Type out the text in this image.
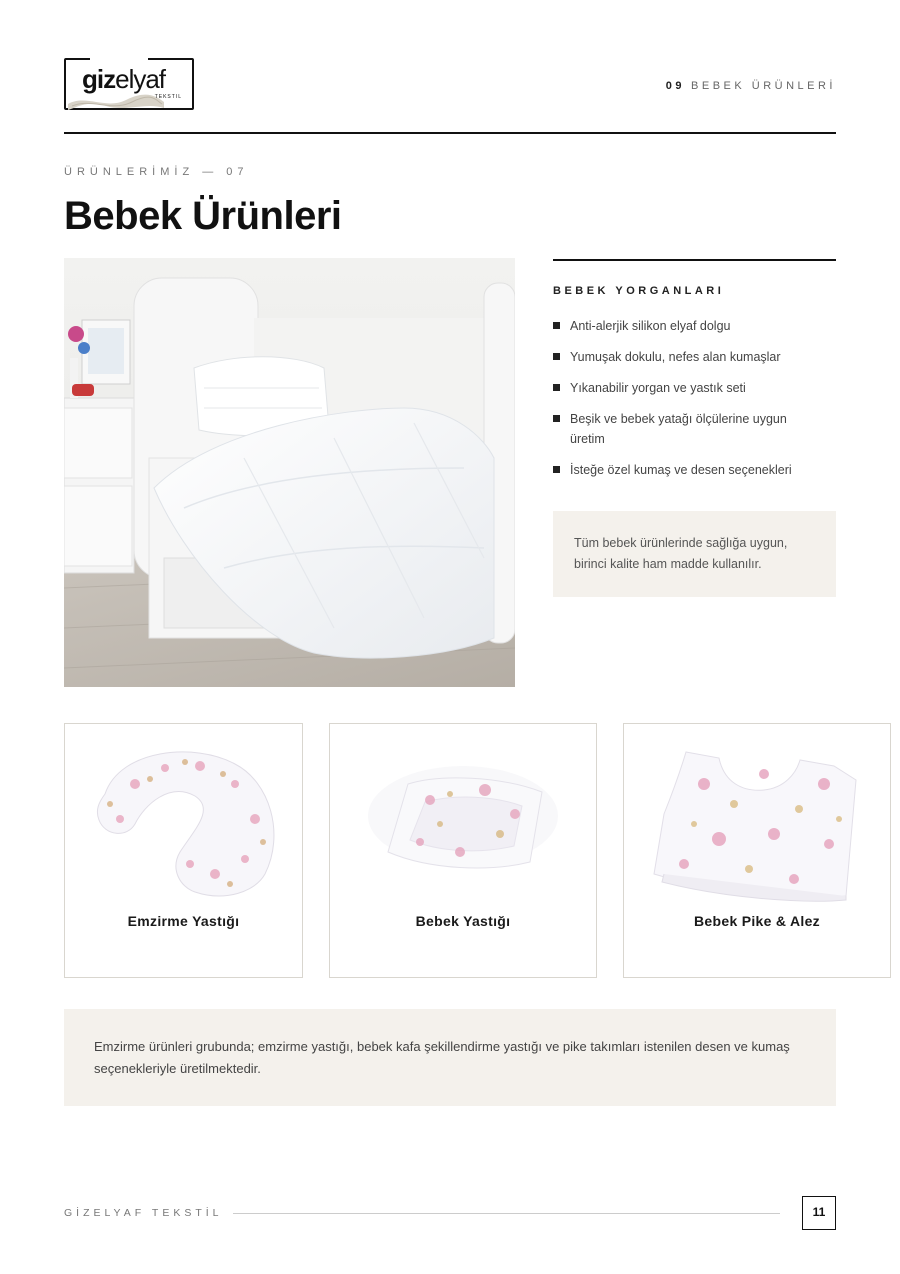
gizelyaf
TEKSTIL
09 BEBEK ÜRÜNLERİ
ÜRÜNLERİMİZ — 07
Bebek Ürünleri
BEBEK YORGANLARI
Anti-alerjik silikon elyaf dolgu
Yumuşak dokulu, nefes alan kumaşlar
Yıkanabilir yorgan ve yastık seti
Beşik ve bebek yatağı ölçülerine uygun üretim
İsteğe özel kumaş ve desen seçenekleri
Tüm bebek ürünlerinde sağlığa uygun, birinci kalite ham madde kullanılır.
Emzirme Yastığı	Bebek Yastığı	Bebek Pike & Alez
Emzirme ürünleri grubunda; emzirme yastığı, bebek kafa şekillendirme yastığı ve pike takımları istenilen desen ve kumaş seçenekleriyle üretilmektedir.
GİZELYAF TEKSTİL	11
